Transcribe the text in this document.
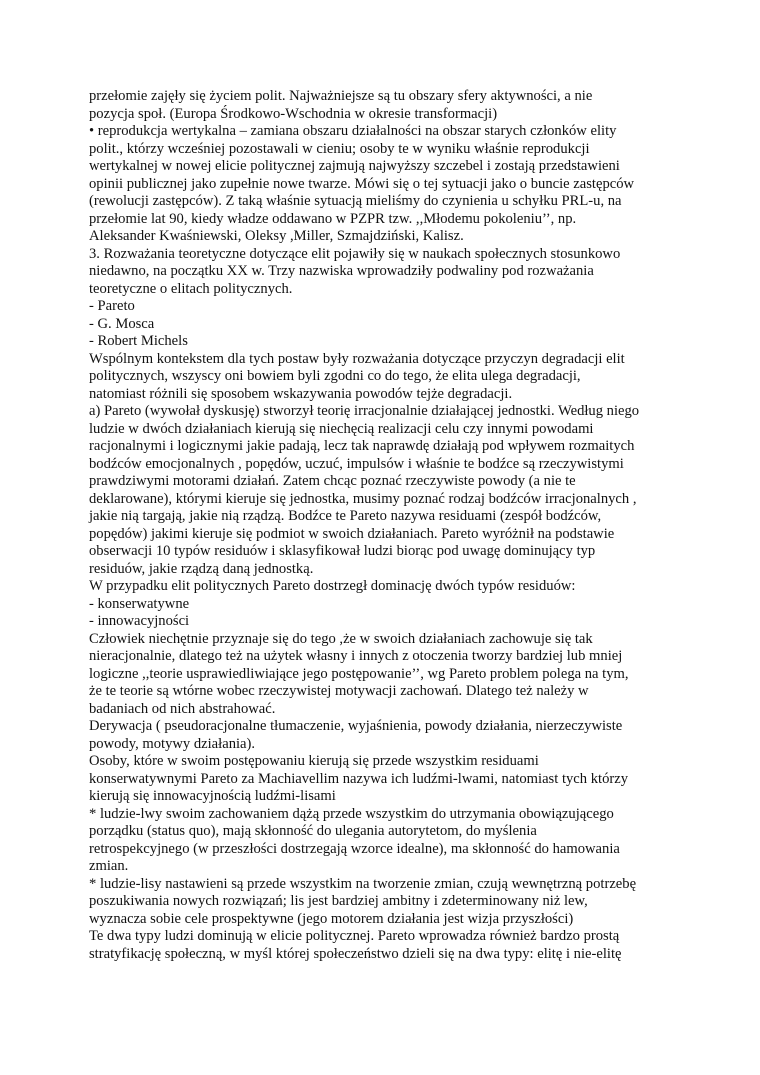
przełomie zajęły się życiem polit. Najważniejsze są tu obszary sfery aktywności, a nie
pozycja społ. (Europa Środkowo-Wschodnia w okresie transformacji)
• reprodukcja wertykalna – zamiana obszaru działalności na obszar starych członków elity
polit., którzy wcześniej pozostawali w cieniu; osoby te w wyniku właśnie reprodukcji
wertykalnej w nowej elicie politycznej zajmują najwyższy szczebel i zostają przedstawieni
opinii publicznej jako zupełnie nowe twarze. Mówi się o tej sytuacji jako o buncie zastępców
(rewolucji zastępców). Z taką właśnie sytuacją mieliśmy do czynienia u schyłku PRL-u, na
przełomie lat 90, kiedy władze oddawano w PZPR tzw. ,,Młodemu pokoleniu’’, np.
Aleksander Kwaśniewski, Oleksy ,Miller, Szmajdziński, Kalisz.
3. Rozważania teoretyczne dotyczące elit pojawiły się w naukach społecznych stosunkowo
niedawno, na początku XX w. Trzy nazwiska wprowadziły podwaliny pod rozważania
teoretyczne o elitach politycznych.
- Pareto
- G. Mosca
- Robert Michels
Wspólnym kontekstem dla tych postaw były rozważania dotyczące przyczyn degradacji elit
politycznych, wszyscy oni bowiem byli zgodni co do tego, że elita ulega degradacji,
natomiast różnili się sposobem wskazywania powodów tejże degradacji.
a) Pareto (wywołał dyskusję) stworzył teorię irracjonalnie działającej jednostki. Według niego
ludzie w dwóch działaniach kierują się niechęcią realizacji celu czy innymi powodami
racjonalnymi i logicznymi jakie padają, lecz tak naprawdę działają pod wpływem rozmaitych
bodźców emocjonalnych , popędów, uczuć, impulsów i właśnie te bodźce są rzeczywistymi
prawdziwymi motorami działań. Zatem chcąc poznać rzeczywiste powody (a nie te
deklarowane), którymi kieruje się jednostka, musimy poznać rodzaj bodźców irracjonalnych ,
jakie nią targają, jakie nią rządzą. Bodźce te Pareto nazywa residuami (zespół bodźców,
popędów) jakimi kieruje się podmiot w swoich działaniach. Pareto wyróżnił na podstawie
obserwacji 10 typów residuów i sklasyfikował ludzi biorąc pod uwagę dominujący typ
residuów, jakie rządzą daną jednostką.
W przypadku elit politycznych Pareto dostrzegł dominację dwóch typów residuów:
- konserwatywne
- innowacyjności
Człowiek niechętnie przyznaje się do tego ,że w swoich działaniach zachowuje się tak
nieracjonalnie, dlatego też na użytek własny i innych z otoczenia tworzy bardziej lub mniej
logiczne ,,teorie usprawiedliwiające jego postępowanie’’, wg Pareto problem polega na tym,
że te teorie są wtórne wobec rzeczywistej motywacji zachowań. Dlatego też należy w
badaniach od nich abstrahować.
Derywacja ( pseudoracjonalne tłumaczenie, wyjaśnienia, powody działania, nierzeczywiste
powody, motywy działania).
Osoby, które w swoim postępowaniu kierują się przede wszystkim residuami
konserwatywnymi Pareto za Machiavellim nazywa ich ludźmi-lwami, natomiast tych którzy
kierują się innowacyjnością ludźmi-lisami
* ludzie-lwy swoim zachowaniem dążą przede wszystkim do utrzymania obowiązującego
porządku (status quo), mają skłonność do ulegania autorytetom, do myślenia
retrospekcyjnego (w przeszłości dostrzegają wzorce idealne), ma skłonność do hamowania
zmian.
* ludzie-lisy nastawieni są przede wszystkim na tworzenie zmian, czują wewnętrzną potrzebę
poszukiwania nowych rozwiązań; lis jest bardziej ambitny i zdeterminowany niż lew,
wyznacza sobie cele prospektywne (jego motorem działania jest wizja przyszłości)
Te dwa typy ludzi dominują w elicie politycznej. Pareto wprowadza również bardzo prostą
stratyfikację społeczną, w myśl której społeczeństwo dzieli się na dwa typy: elitę i nie-elitę
